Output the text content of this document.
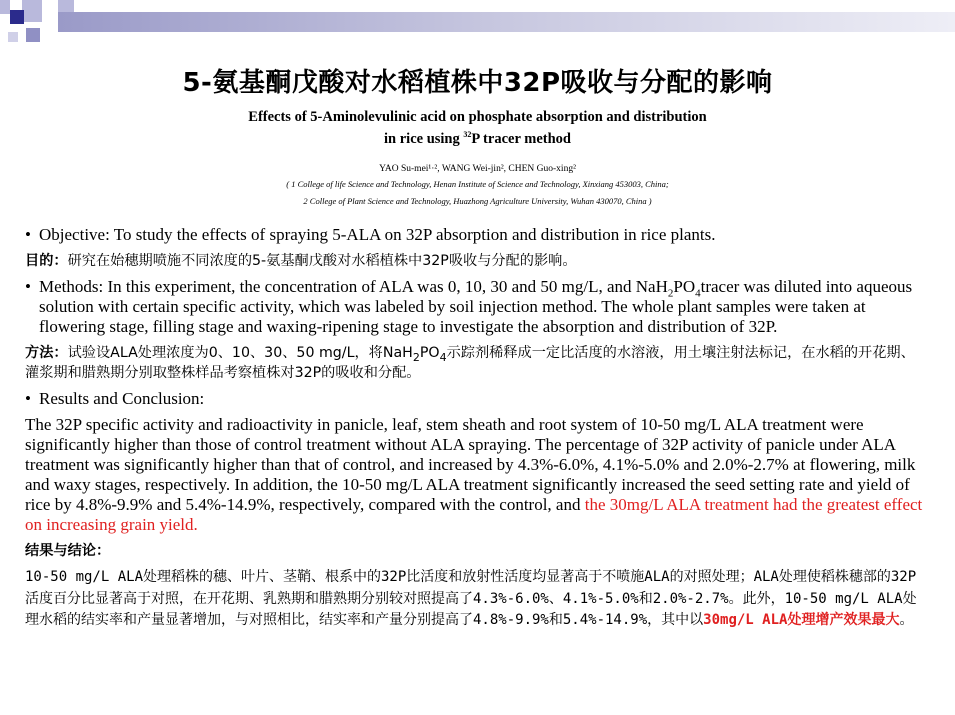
5-氨基酮戊酸对水稻植株中32P吸收与分配的影响
Effects of 5-Aminolevulinic acid on phosphate absorption and distribution
in rice using $^{32}$P tracer method
YAO Su-mei¹·², WANG Wei-jin², CHEN Guo-xing²
( 1 College of life Science and Technology, Henan Institute of Science and Technology, Xinxiang 453003, China;
2 College of Plant Science and Technology, Huazhong Agriculture University, Wuhan 430070, China )
• Objective: To study the effects of spraying 5-ALA on 32P absorption and distribution in rice plants.
目的：研究在始穗期喷施不同浓度的5-氨基酮戊酸对水稻植株中32P吸收与分配的影响。
• Methods: In this experiment, the concentration of ALA was 0, 10, 30 and 50 mg/L, and $NaH_2PO_4tracer$ was diluted into aqueous solution with certain specific activity, which was labeled by soil injection method. The whole plant samples were taken at flowering stage, filling stage and waxing-ripening stage to investigate the absorption and distribution of 32P.
方法：试验设ALA处理浓度为0、10、30、50 mg/L，将$NaH_2PO_4$示踪剂稀释成一定比活度的水溶液，用土壤注射法标记，在水稻的开花期、灌浆期和腊熟期分别取整株样品考察植株对32P的吸收和分配。
• Results and Conclusion:
The 32P specific activity and radioactivity in panicle, leaf, stem sheath and root system of 10-50 mg/L ALA treatment were significantly higher than those of control treatment without ALA spraying. The percentage of 32P activity of panicle under ALA treatment was significantly higher than that of control, and increased by 4.3%-6.0%, 4.1%-5.0% and 2.0%-2.7% at flowering, milk and waxy stages, respectively. In addition, the 10-50 mg/L ALA treatment significantly increased the seed setting rate and yield of rice by 4.8%-9.9% and 5.4%-14.9%, respectively, compared with the control, and the 30mg/L ALA treatment had the greatest effect on increasing grain yield.
结果与结论：
10-50 mg/L ALA处理稻株的穗、叶片、茎鞘、根系中的32P比活度和放射性活度均显著高于不喷施ALA的对照处理；ALA处理使稻株穗部的32P活度百分比显著高于对照，在开花期、乳熟期和腊熟期分别较对照提高了4.3%-6.0%、4.1%-5.0%和2.0%-2.7%。此外，10-50 mg/L ALA处理水稻的结实率和产量显著增加，与对照相比，结实率和产量分别提高了4.8%-9.9%和5.4%-14.9%，其中以30mg/L ALA处理增产效果最大。
